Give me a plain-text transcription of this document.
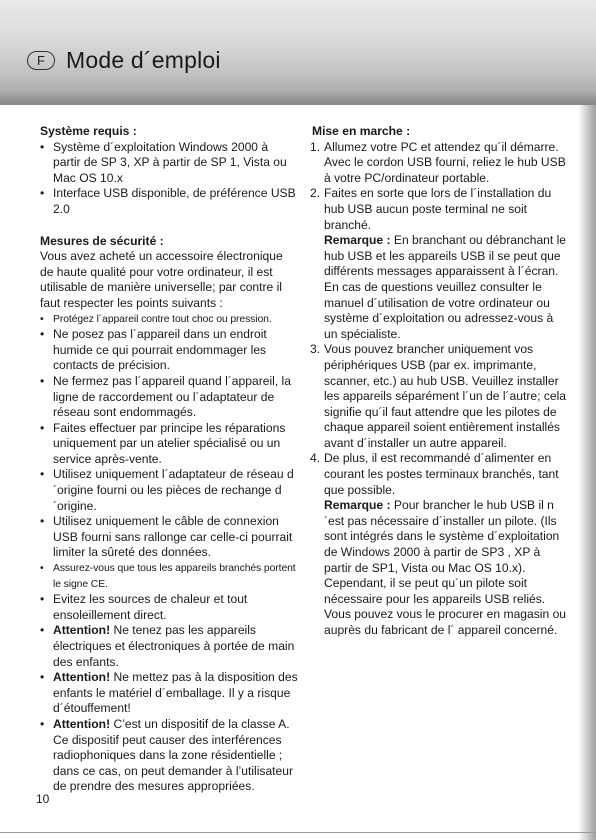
F Mode d´emploi

Système requis :

• Système d´exploitation Windows 2000 à partir de SP 3, XP à partir de SP 1, Vista ou Mac OS 10.x

• Interface USB disponible, de préférence USB 2.0

Mesures de sécurité :

Vous avez acheté un accessoire électronique de haute qualité pour votre ordinateur, il est utilisable de manière universelle; par contre il faut respecter les points suivants :

• Protégez l´appareil contre tout choc ou pression.

• Ne posez pas l´appareil dans un endroit humide ce qui pourrait endommager les contacts de précision.

• Ne fermez pas l´appareil quand l´appareil, la ligne de raccordement ou l´adaptateur de réseau sont endommagés.

• Faites effectuer par principe les réparations uniquement par un atelier spécialisé ou un service après-vente.

• Utilisez uniquement l´adaptateur de réseau d´origine fourni ou les pièces de rechange d´origine.

• Utilisez uniquement le câble de connexion USB fourni sans rallonge car celle-ci pourrait limiter la sûreté des données.

• Assurez-vous que tous les appareils branchés portent le signe CE.

• Evitez les sources de chaleur et tout ensoleillement direct.

• Attention! Ne tenez pas les appareils électriques et électroniques à portée de main des enfants.

• Attention! Ne mettez pas à la disposition des enfants le matériel d´emballage. Il y a risque d´étouffement!

• Attention! C’est un dispositif de la classe A. Ce dispositif peut causer des interférences radiophoniques dans la zone résidentielle ; dans ce cas, on peut demander à l’utilisateur de prendre des mesures appropriées.

Mise en marche :

1. Allumez votre PC et attendez qu´il démarre. Avec le cordon USB fourni, reliez le hub USB à votre PC/ordinateur portable.

2. Faites en sorte que lors de l´installation du hub USB aucun poste terminal ne soit branché.

Remarque : En branchant ou débranchant le hub USB et les appareils USB il se peut que différents messages apparaissent à l´écran. En cas de questions veuillez consulter le manuel d´utilisation de votre ordinateur ou système d´exploitation ou adressez-vous à un spécialiste.

3. Vous pouvez brancher uniquement vos périphériques USB (par ex. imprimante, scanner, etc.) au hub USB. Veuillez installer les appareils séparément l´un de l´autre; cela signifie qu´il faut attendre que les pilotes de chaque appareil soient entièrement installés avant d´installer un autre appareil.

4. De plus, il est recommandé d´alimenter en courant les postes terminaux branchés, tant que possible.

Remarque : Pour brancher le hub USB il n´est pas nécessaire d´installer un pilote. (Ils sont intégrés dans le système d´exploitation de Windows 2000 à partir de SP3 , XP à partir de SP1, Vista ou Mac OS 10.x). Cependant, il se peut qu´un pilote soit nécessaire pour les appareils USB reliés. Vous pouvez vous le procurer en magasin ou auprès du fabricant de l´ appareil concerné.

10
